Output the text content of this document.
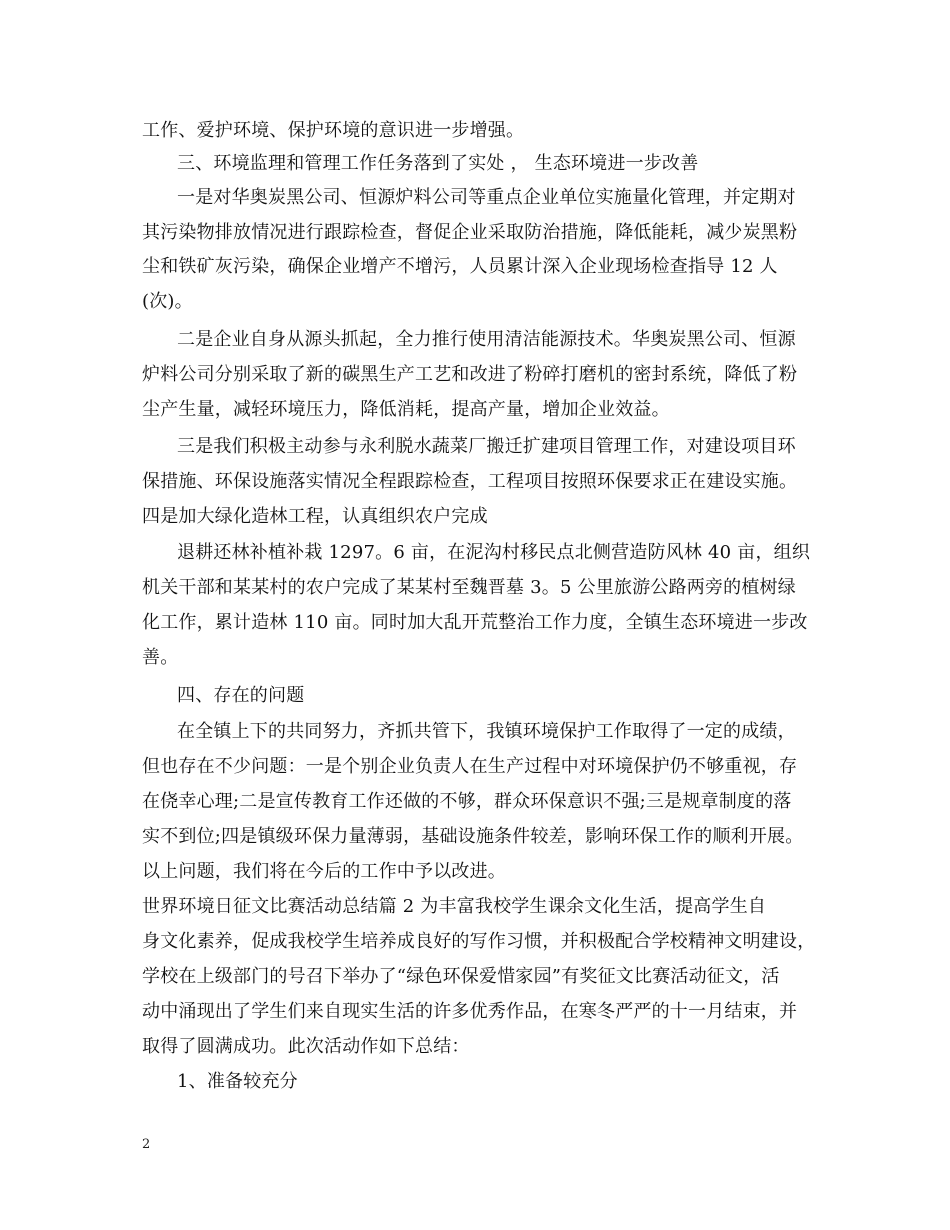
工作、爱护环境、保护环境的意识进一步增强。
三、环境监理和管理工作任务落到了实处 ， 生态环境进一步改善
一是对华奥炭黑公司、恒源炉料公司等重点企业单位实施量化管理，并定期对
其污染物排放情况进行跟踪检查，督促企业采取防治措施，降低能耗，减少炭黑粉
尘和铁矿灰污染，确保企业增产不增污，人员累计深入企业现场检查指导 12 人
(次)。
二是企业自身从源头抓起，全力推行使用清洁能源技术。华奥炭黑公司、恒源
炉料公司分别采取了新的碳黑生产工艺和改进了粉碎打磨机的密封系统，降低了粉
尘产生量，减轻环境压力，降低消耗，提高产量，增加企业效益。
三是我们积极主动参与永利脱水蔬菜厂搬迁扩建项目管理工作，对建设项目环
保措施、环保设施落实情况全程跟踪检查，工程项目按照环保要求正在建设实施。
四是加大绿化造林工程，认真组织农户完成
退耕还林补植补栽 1297。6 亩，在泥沟村移民点北侧营造防风林 40 亩，组织
机关干部和某某村的农户完成了某某村至魏晋墓 3。5 公里旅游公路两旁的植树绿
化工作，累计造林 110 亩。同时加大乱开荒整治工作力度，全镇生态环境进一步改
善。
四、存在的问题
在全镇上下的共同努力，齐抓共管下，我镇环境保护工作取得了一定的成绩，
但也存在不少问题：一是个别企业负责人在生产过程中对环境保护仍不够重视，存
在侥幸心理;二是宣传教育工作还做的不够，群众环保意识不强;三是规章制度的落
实不到位;四是镇级环保力量薄弱，基础设施条件较差，影响环保工作的顺利开展。
以上问题，我们将在今后的工作中予以改进。
世界环境日征文比赛活动总结篇 2 为丰富我校学生课余文化生活，提高学生自
身文化素养，促成我校学生培养成良好的写作习惯，并积极配合学校精神文明建设，
学校在上级部门的号召下举办了“绿色环保爱惜家园”有奖征文比赛活动征文，活
动中涌现出了学生们来自现实生活的许多优秀作品，在寒冬严严的十一月结束，并
取得了圆满成功。此次活动作如下总结：
1、准备较充分
2
